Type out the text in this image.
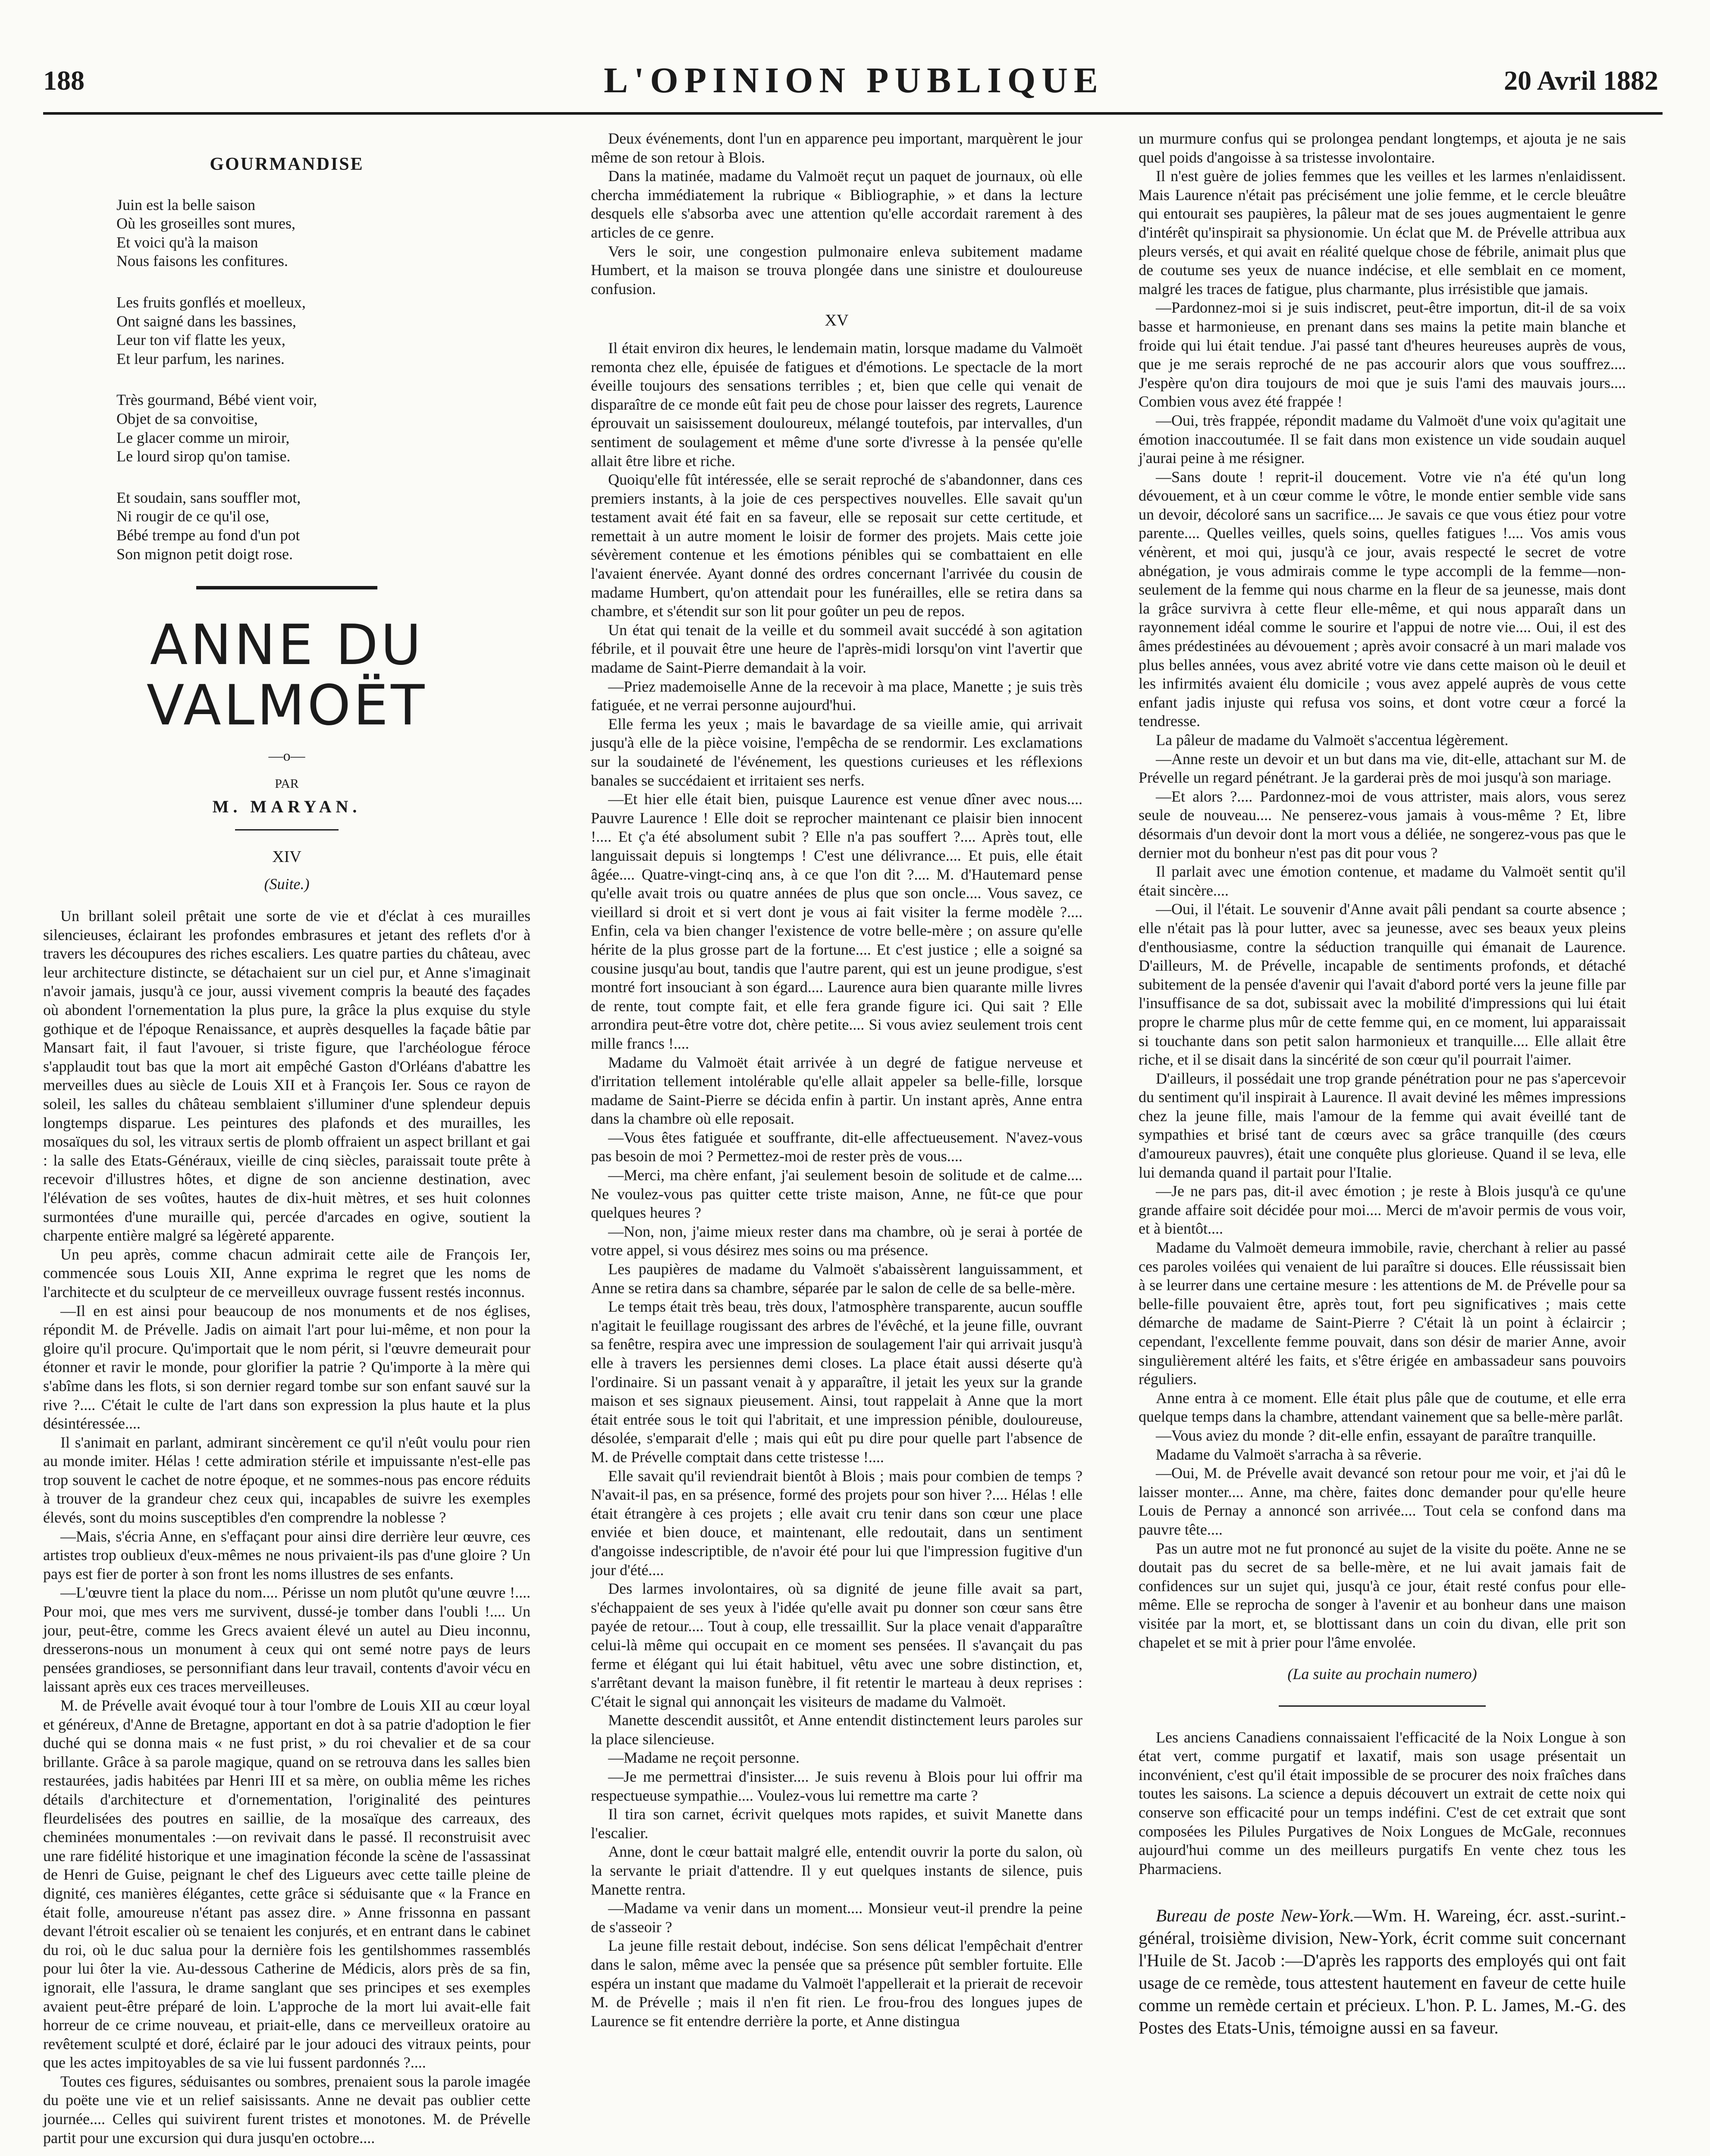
188	L'OPINION PUBLIQUE	20 Avril 1882
GOURMANDISE
Juin est la belle saison
Où les groseilles sont mures,
Et voici qu'à la maison
Nous faisons les confitures.
Les fruits gonflés et moelleux,
Ont saigné dans les bassines,
Leur ton vif flatte les yeux,
Et leur parfum, les narines.
Très gourmand, Bébé vient voir,
Objet de sa convoitise,
Le glacer comme un miroir,
Le lourd sirop qu'on tamise.
Et soudain, sans souffler mot,
Ni rougir de ce qu'il ose,
Bébé trempe au fond d'un pot
Son mignon petit doigt rose.
ANNE DU VALMOËT
—o—
PAR
M. MARYAN.
XIV
(Suite.)

Un brillant soleil prêtait une sorte de vie et d'éclat à ces murailles silencieuses, éclairant les profondes embrasures et jetant des reflets d'or à travers les découpures des riches escaliers. Les quatre parties du château, avec leur architecture distincte, se détachaient sur un ciel pur, et Anne s'imaginait n'avoir jamais, jusqu'à ce jour, aussi vivement compris la beauté des façades où abondent l'ornementation la plus pure, la grâce la plus exquise du style gothique et de l'époque Renaissance, et auprès desquelles la façade bâtie par Mansart fait, il faut l'avouer, si triste figure, que l'archéologue féroce s'applaudit tout bas que la mort ait empêché Gaston d'Orléans d'abattre les merveilles dues au siècle de Louis XII et à François Ier. Sous ce rayon de soleil, les salles du château semblaient s'illuminer d'une splendeur depuis longtemps disparue. Les peintures des plafonds et des murailles, les mosaïques du sol, les vitraux sertis de plomb offraient un aspect brillant et gai : la salle des Etats-Généraux, vieille de cinq siècles, paraissait toute prête à recevoir d'illustres hôtes, et digne de son ancienne destination, avec l'élévation de ses voûtes, hautes de dix-huit mètres, et ses huit colonnes surmontées d'une muraille qui, percée d'arcades en ogive, soutient la charpente entière malgré sa légèreté apparente.

Un peu après, comme chacun admirait cette aile de François Ier, commencée sous Louis XII, Anne exprima le regret que les noms de l'architecte et du sculpteur de ce merveilleux ouvrage fussent restés inconnus.

—Il en est ainsi pour beaucoup de nos monuments et de nos églises, répondit M. de Prévelle. Jadis on aimait l'art pour lui-même, et non pour la gloire qu'il procure. Qu'importait que le nom périt, si l'œuvre demeurait pour étonner et ravir le monde, pour glorifier la patrie ? Qu'importe à la mère qui s'abîme dans les flots, si son dernier regard tombe sur son enfant sauvé sur la rive ?.... C'était le culte de l'art dans son expression la plus haute et la plus désintéressée....

Il s'animait en parlant, admirant sincèrement ce qu'il n'eût voulu pour rien au monde imiter. Hélas ! cette admiration stérile et impuissante n'est-elle pas trop souvent le cachet de notre époque, et ne sommes-nous pas encore réduits à trouver de la grandeur chez ceux qui, incapables de suivre les exemples élevés, sont du moins susceptibles d'en comprendre la noblesse ?

—Mais, s'écria Anne, en s'effaçant pour ainsi dire derrière leur œuvre, ces artistes trop oublieux d'eux-mêmes ne nous privaient-ils pas d'une gloire ? Un pays est fier de porter à son front les noms illustres de ses enfants.

—L'œuvre tient la place du nom.... Périsse un nom plutôt qu'une œuvre !.... Pour moi, que mes vers me survivent, dussé-je tomber dans l'oubli !.... Un jour, peut-être, comme les Grecs avaient élevé un autel au Dieu inconnu, dresserons-nous un monument à ceux qui ont semé notre pays de leurs pensées grandioses, se personnifiant dans leur travail, contents d'avoir vécu en laissant après eux ces traces merveilleuses.

M. de Prévelle avait évoqué tour à tour l'ombre de Louis XII au cœur loyal et généreux, d'Anne de Bretagne, apportant en dot à sa patrie d'adoption le fier duché qui se donna mais « ne fust prist, » du roi chevalier et de sa cour brillante. Grâce à sa parole magique, quand on se retrouva dans les salles bien restaurées, jadis habitées par Henri III et sa mère, on oublia même les riches détails d'architecture et d'ornementation, l'originalité des peintures fleurdelisées des poutres en saillie, de la mosaïque des carreaux, des cheminées monumentales :—on revivait dans le passé. Il reconstruisit avec une rare fidélité historique et une imagination féconde la scène de l'assassinat de Henri de Guise, peignant le chef des Ligueurs avec cette taille pleine de dignité, ces manières élégantes, cette grâce si séduisante que « la France en était folle, amoureuse n'étant pas assez dire. » Anne frissonna en passant devant l'étroit escalier où se tenaient les conjurés, et en entrant dans le cabinet du roi, où le duc salua pour la dernière fois les gentilshommes rassemblés pour lui ôter la vie. Au-dessous Catherine de Médicis, alors près de sa fin, ignorait, elle l'assura, le drame sanglant que ses principes et ses exemples avaient peut-être préparé de loin. L'approche de la mort lui avait-elle fait horreur de ce crime nouveau, et priait-elle, dans ce merveilleux oratoire au revêtement sculpté et doré, éclairé par le jour adouci des vitraux peints, pour que les actes impitoyables de sa vie lui fussent pardonnés ?....

Toutes ces figures, séduisantes ou sombres, prenaient sous la parole imagée du poëte une vie et un relief saisissants. Anne ne devait pas oublier cette journée.... Celles qui suivirent furent tristes et monotones. M. de Prévelle partit pour une excursion qui dura jusqu'en octobre....

Deux événements, dont l'un en apparence peu important, marquèrent le jour même de son retour à Blois.

Dans la matinée, madame du Valmoët reçut un paquet de journaux, où elle chercha immédiatement la rubrique « Bibliographie, » et dans la lecture desquels elle s'absorba avec une attention qu'elle accordait rarement à des articles de ce genre.

Vers le soir, une congestion pulmonaire enleva subitement madame Humbert, et la maison se trouva plongée dans une sinistre et douloureuse confusion.

XV

Il était environ dix heures, le lendemain matin, lorsque madame du Valmoët remonta chez elle, épuisée de fatigues et d'émotions. Le spectacle de la mort éveille toujours des sensations terribles ; et, bien que celle qui venait de disparaître de ce monde eût fait peu de chose pour laisser des regrets, Laurence éprouvait un saisissement douloureux, mélangé toutefois, par intervalles, d'un sentiment de soulagement et même d'une sorte d'ivresse à la pensée qu'elle allait être libre et riche.

Quoiqu'elle fût intéressée, elle se serait reproché de s'abandonner, dans ces premiers instants, à la joie de ces perspectives nouvelles. Elle savait qu'un testament avait été fait en sa faveur, elle se reposait sur cette certitude, et remettait à un autre moment le loisir de former des projets. Mais cette joie sévèrement contenue et les émotions pénibles qui se combattaient en elle l'avaient énervée. Ayant donné des ordres concernant l'arrivée du cousin de madame Humbert, qu'on attendait pour les funérailles, elle se retira dans sa chambre, et s'étendit sur son lit pour goûter un peu de repos.

Un état qui tenait de la veille et du sommeil avait succédé à son agitation fébrile, et il pouvait être une heure de l'après-midi lorsqu'on vint l'avertir que madame de Saint-Pierre demandait à la voir.

—Priez mademoiselle Anne de la recevoir à ma place, Manette ; je suis très fatiguée, et ne verrai personne aujourd'hui.

Elle ferma les yeux ; mais le bavardage de sa vieille amie, qui arrivait jusqu'à elle de la pièce voisine, l'empêcha de se rendormir. Les exclamations sur la soudaineté de l'événement, les questions curieuses et les réflexions banales se succédaient et irritaient ses nerfs.

—Et hier elle était bien, puisque Laurence est venue dîner avec nous.... Pauvre Laurence ! Elle doit se reprocher maintenant ce plaisir bien innocent !.... Et ç'a été absolument subit ? Elle n'a pas souffert ?.... Après tout, elle languissait depuis si longtemps ! C'est une délivrance.... Et puis, elle était âgée.... Quatre-vingt-cinq ans, à ce que l'on dit ?.... M. d'Hautemard pense qu'elle avait trois ou quatre années de plus que son oncle.... Vous savez, ce vieillard si droit et si vert dont je vous ai fait visiter la ferme modèle ?.... Enfin, cela va bien changer l'existence de votre belle-mère ; on assure qu'elle hérite de la plus grosse part de la fortune.... Et c'est justice ; elle a soigné sa cousine jusqu'au bout, tandis que l'autre parent, qui est un jeune prodigue, s'est montré fort insouciant à son égard.... Laurence aura bien quarante mille livres de rente, tout compte fait, et elle fera grande figure ici. Qui sait ? Elle arrondira peut-être votre dot, chère petite.... Si vous aviez seulement trois cent mille francs !....

Madame du Valmoët était arrivée à un degré de fatigue nerveuse et d'irritation tellement intolérable qu'elle allait appeler sa belle-fille, lorsque madame de Saint-Pierre se décida enfin à partir. Un instant après, Anne entra dans la chambre où elle reposait.

—Vous êtes fatiguée et souffrante, dit-elle affectueusement. N'avez-vous pas besoin de moi ? Permettez-moi de rester près de vous....

—Merci, ma chère enfant, j'ai seulement besoin de solitude et de calme.... Ne voulez-vous pas quitter cette triste maison, Anne, ne fût-ce que pour quelques heures ?

—Non, non, j'aime mieux rester dans ma chambre, où je serai à portée de votre appel, si vous désirez mes soins ou ma présence.

Les paupières de madame du Valmoët s'abaissèrent languissamment, et Anne se retira dans sa chambre, séparée par le salon de celle de sa belle-mère.

Le temps était très beau, très doux, l'atmosphère transparente, aucun souffle n'agitait le feuillage rougissant des arbres de l'évêché, et la jeune fille, ouvrant sa fenêtre, respira avec une impression de soulagement l'air qui arrivait jusqu'à elle à travers les persiennes demi closes. La place était aussi déserte qu'à l'ordinaire. Si un passant venait à y apparaître, il jetait les yeux sur la grande maison et ses signaux pieusement. Ainsi, tout rappelait à Anne que la mort était entrée sous le toit qui l'abritait, et une impression pénible, douloureuse, désolée, s'emparait d'elle ; mais qui eût pu dire pour quelle part l'absence de M. de Prévelle comptait dans cette tristesse !....

Elle savait qu'il reviendrait bientôt à Blois ; mais pour combien de temps ? N'avait-il pas, en sa présence, formé des projets pour son hiver ?.... Hélas ! elle était étrangère à ces projets ; elle avait cru tenir dans son cœur une place enviée et bien douce, et maintenant, elle redoutait, dans un sentiment d'angoisse indescriptible, de n'avoir été pour lui que l'impression fugitive d'un jour d'été....

Des larmes involontaires, où sa dignité de jeune fille avait sa part, s'échappaient de ses yeux à l'idée qu'elle avait pu donner son cœur sans être payée de retour.... Tout à coup, elle tressaillit. Sur la place venait d'apparaître celui-là même qui occupait en ce moment ses pensées. Il s'avançait du pas ferme et élégant qui lui était habituel, vêtu avec une sobre distinction, et, s'arrêtant devant la maison funèbre, il fit retentir le marteau à deux reprises : C'était le signal qui annonçait les visiteurs de madame du Valmoët.

Manette descendit aussitôt, et Anne entendit distinctement leurs paroles sur la place silencieuse.

—Madame ne reçoit personne.

—Je me permettrai d'insister.... Je suis revenu à Blois pour lui offrir ma respectueuse sympathie.... Voulez-vous lui remettre ma carte ?

Il tira son carnet, écrivit quelques mots rapides, et suivit Manette dans l'escalier.

Anne, dont le cœur battait malgré elle, entendit ouvrir la porte du salon, où la servante le priait d'attendre. Il y eut quelques instants de silence, puis Manette rentra.

—Madame va venir dans un moment.... Monsieur veut-il prendre la peine de s'asseoir ?

La jeune fille restait debout, indécise. Son sens délicat l'empêchait d'entrer dans le salon, même avec la pensée que sa présence pût sembler fortuite. Elle espéra un instant que madame du Valmoët l'appellerait et la prierait de recevoir M. de Prévelle ; mais il n'en fit rien. Le frou-frou des longues jupes de Laurence se fit entendre derrière la porte, et Anne distingua

un murmure confus qui se prolongea pendant longtemps, et ajouta je ne sais quel poids d'angoisse à sa tristesse involontaire.

Il n'est guère de jolies femmes que les veilles et les larmes n'enlaidissent. Mais Laurence n'était pas précisément une jolie femme, et le cercle bleuâtre qui entourait ses paupières, la pâleur mat de ses joues augmentaient le genre d'intérêt qu'inspirait sa physionomie. Un éclat que M. de Prévelle attribua aux pleurs versés, et qui avait en réalité quelque chose de fébrile, animait plus que de coutume ses yeux de nuance indécise, et elle semblait en ce moment, malgré les traces de fatigue, plus charmante, plus irrésistible que jamais.

—Pardonnez-moi si je suis indiscret, peut-être importun, dit-il de sa voix basse et harmonieuse, en prenant dans ses mains la petite main blanche et froide qui lui était tendue. J'ai passé tant d'heures heureuses auprès de vous, que je me serais reproché de ne pas accourir alors que vous souffrez.... J'espère qu'on dira toujours de moi que je suis l'ami des mauvais jours.... Combien vous avez été frappée !

—Oui, très frappée, répondit madame du Valmoët d'une voix qu'agitait une émotion inaccoutumée. Il se fait dans mon existence un vide soudain auquel j'aurai peine à me résigner.

—Sans doute ! reprit-il doucement. Votre vie n'a été qu'un long dévouement, et à un cœur comme le vôtre, le monde entier semble vide sans un devoir, décoloré sans un sacrifice.... Je savais ce que vous étiez pour votre parente.... Quelles veilles, quels soins, quelles fatigues !.... Vos amis vous vénèrent, et moi qui, jusqu'à ce jour, avais respecté le secret de votre abnégation, je vous admirais comme le type accompli de la femme—non-seulement de la femme qui nous charme en la fleur de sa jeunesse, mais dont la grâce survivra à cette fleur elle-même, et qui nous apparaît dans un rayonnement idéal comme le sourire et l'appui de notre vie.... Oui, il est des âmes prédestinées au dévouement ; après avoir consacré à un mari malade vos plus belles années, vous avez abrité votre vie dans cette maison où le deuil et les infirmités avaient élu domicile ; vous avez appelé auprès de vous cette enfant jadis injuste qui refusa vos soins, et dont votre cœur a forcé la tendresse.

La pâleur de madame du Valmoët s'accentua légèrement.

—Anne reste un devoir et un but dans ma vie, dit-elle, attachant sur M. de Prévelle un regard pénétrant. Je la garderai près de moi jusqu'à son mariage.

—Et alors ?.... Pardonnez-moi de vous attrister, mais alors, vous serez seule de nouveau.... Ne penserez-vous jamais à vous-même ? Et, libre désormais d'un devoir dont la mort vous a déliée, ne songerez-vous pas que le dernier mot du bonheur n'est pas dit pour vous ?

Il parlait avec une émotion contenue, et madame du Valmoët sentit qu'il était sincère....

—Oui, il l'était. Le souvenir d'Anne avait pâli pendant sa courte absence ; elle n'était pas là pour lutter, avec sa jeunesse, avec ses beaux yeux pleins d'enthousiasme, contre la séduction tranquille qui émanait de Laurence. D'ailleurs, M. de Prévelle, incapable de sentiments profonds, et détaché subitement de la pensée d'avenir qui l'avait d'abord porté vers la jeune fille par l'insuffisance de sa dot, subissait avec la mobilité d'impressions qui lui était propre le charme plus mûr de cette femme qui, en ce moment, lui apparaissait si touchante dans son petit salon harmonieux et tranquille.... Elle allait être riche, et il se disait dans la sincérité de son cœur qu'il pourrait l'aimer.

D'ailleurs, il possédait une trop grande pénétration pour ne pas s'apercevoir du sentiment qu'il inspirait à Laurence. Il avait deviné les mêmes impressions chez la jeune fille, mais l'amour de la femme qui avait éveillé tant de sympathies et brisé tant de cœurs avec sa grâce tranquille (des cœurs d'amoureux pauvres), était une conquête plus glorieuse. Quand il se leva, elle lui demanda quand il partait pour l'Italie.

—Je ne pars pas, dit-il avec émotion ; je reste à Blois jusqu'à ce qu'une grande affaire soit décidée pour moi.... Merci de m'avoir permis de vous voir, et à bientôt....

Madame du Valmoët demeura immobile, ravie, cherchant à relier au passé ces paroles voilées qui venaient de lui paraître si douces. Elle réussissait bien à se leurrer dans une certaine mesure : les attentions de M. de Prévelle pour sa belle-fille pouvaient être, après tout, fort peu significatives ; mais cette démarche de madame de Saint-Pierre ? C'était là un point à éclaircir ; cependant, l'excellente femme pouvait, dans son désir de marier Anne, avoir singulièrement altéré les faits, et s'être érigée en ambassadeur sans pouvoirs réguliers.

Anne entra à ce moment. Elle était plus pâle que de coutume, et elle erra quelque temps dans la chambre, attendant vainement que sa belle-mère parlât.

—Vous aviez du monde ? dit-elle enfin, essayant de paraître tranquille.

Madame du Valmoët s'arracha à sa rêverie.

—Oui, M. de Prévelle avait devancé son retour pour me voir, et j'ai dû le laisser monter.... Anne, ma chère, faites donc demander pour qu'elle heure Louis de Pernay a annoncé son arrivée.... Tout cela se confond dans ma pauvre tête....

Pas un autre mot ne fut prononcé au sujet de la visite du poëte. Anne ne se doutait pas du secret de sa belle-mère, et ne lui avait jamais fait de confidences sur un sujet qui, jusqu'à ce jour, était resté confus pour elle-même. Elle se reprocha de songer à l'avenir et au bonheur dans une maison visitée par la mort, et, se blottissant dans un coin du divan, elle prit son chapelet et se mit à prier pour l'âme envolée.

(La suite au prochain numero)

Les anciens Canadiens connaissaient l'efficacité de la Noix Longue à son état vert, comme purgatif et laxatif, mais son usage présentait un inconvénient, c'est qu'il était impossible de se procurer des noix fraîches dans toutes les saisons. La science a depuis découvert un extrait de cette noix qui conserve son efficacité pour un temps indéfini. C'est de cet extrait que sont composées les Pilules Purgatives de Noix Longues de McGale, reconnues aujourd'hui comme un des meilleurs purgatifs En vente chez tous les Pharmaciens.

Bureau de poste New-York.—Wm. H. Wareing, écr. asst.-surint.-général, troisième division, New-York, écrit comme suit concernant l'Huile de St. Jacob :—D'après les rapports des employés qui ont fait usage de ce remède, tous attestent hautement en faveur de cette huile comme un remède certain et précieux. L'hon. P. L. James, M.-G. des Postes des Etats-Unis, témoigne aussi en sa faveur.
